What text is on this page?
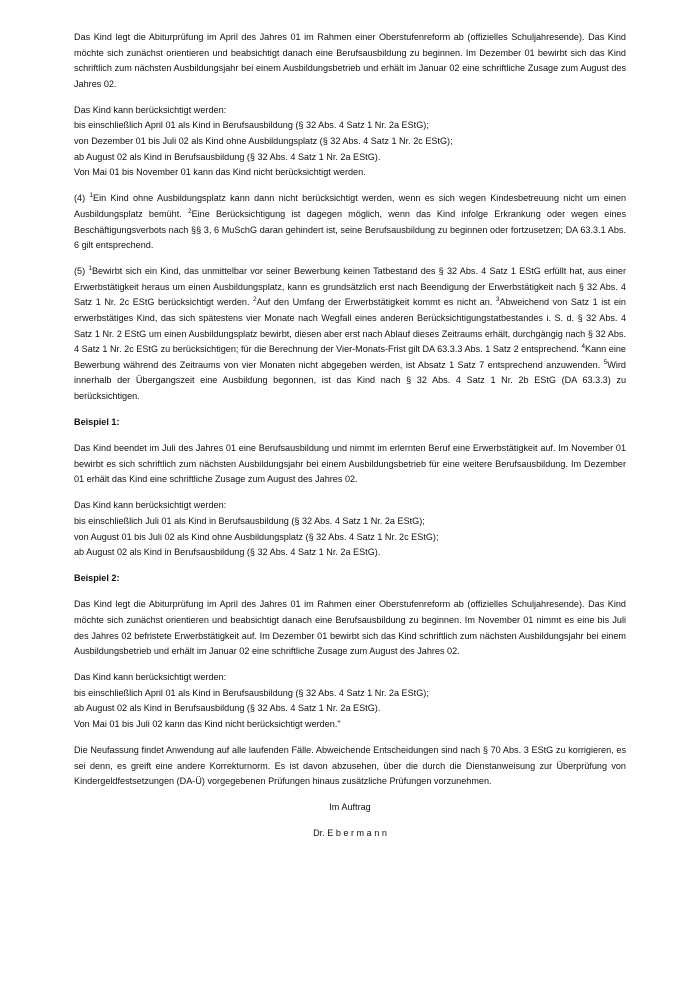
Das Kind legt die Abiturprüfung im April des Jahres 01 im Rahmen einer Oberstufenreform ab (offizielles Schuljahresende). Das Kind möchte sich zunächst orientieren und beabsichtigt danach eine Berufsausbildung zu beginnen. Im Dezember 01 bewirbt sich das Kind schriftlich zum nächsten Ausbildungsjahr bei einem Ausbildungsbetrieb und erhält im Januar 02 eine schriftliche Zusage zum August des Jahres 02.

Das Kind kann berücksichtigt werden:
bis einschließlich April 01 als Kind in Berufsausbildung (§ 32 Abs. 4 Satz 1 Nr. 2a EStG);
von Dezember 01 bis Juli 02 als Kind ohne Ausbildungsplatz (§ 32 Abs. 4 Satz 1 Nr. 2c EStG);
ab August 02 als Kind in Berufsausbildung (§ 32 Abs. 4 Satz 1 Nr. 2a EStG).
Von Mai 01 bis November 01 kann das Kind nicht berücksichtigt werden.

(4) $^1$Ein Kind ohne Ausbildungsplatz kann dann nicht berücksichtigt werden, wenn es sich wegen Kindesbetreuung nicht um einen Ausbildungsplatz bemüht. $^2$Eine Berücksichtigung ist dagegen möglich, wenn das Kind infolge Erkrankung oder wegen eines Beschäftigungsverbots nach §§ 3, 6 MuSchG daran gehindert ist, seine Berufsausbildung zu beginnen oder fortzusetzen; DA 63.3.1 Abs. 6 gilt entsprechend.

(5) $^1$Bewirbt sich ein Kind, das unmittelbar vor seiner Bewerbung keinen Tatbestand des § 32 Abs. 4 Satz 1 EStG erfüllt hat, aus einer Erwerbstätigkeit heraus um einen Ausbildungsplatz, kann es grundsätzlich erst nach Beendigung der Erwerbstätigkeit nach § 32 Abs. 4 Satz 1 Nr. 2c EStG berücksichtigt werden. $^2$Auf den Umfang der Erwerbstätigkeit kommt es nicht an. $^3$Abweichend von Satz 1 ist ein erwerbstätiges Kind, das sich spätestens vier Monate nach Wegfall eines anderen Berücksichtigungstatbestandes i. S. d. § 32 Abs. 4 Satz 1 Nr. 2 EStG um einen Ausbildungsplatz bewirbt, diesen aber erst nach Ablauf dieses Zeitraums erhält, durchgängig nach § 32 Abs. 4 Satz 1 Nr. 2c EStG zu berücksichtigen; für die Berechnung der Vier-Monats-Frist gilt DA 63.3.3 Abs. 1 Satz 2 entsprechend. $^4$Kann eine Bewerbung während des Zeitraums von vier Monaten nicht abgegeben werden, ist Absatz 1 Satz 7 entsprechend anzuwenden. $^5$Wird innerhalb der Übergangszeit eine Ausbildung begonnen, ist das Kind nach § 32 Abs. 4 Satz 1 Nr. 2b EStG (DA 63.3.3) zu berücksichtigen.

Beispiel 1:

Das Kind beendet im Juli des Jahres 01 eine Berufsausbildung und nimmt im erlernten Beruf eine Erwerbstätigkeit auf. Im November 01 bewirbt es sich schriftlich zum nächsten Ausbildungsjahr bei einem Ausbildungsbetrieb für eine weitere Berufsausbildung. Im Dezember 01 erhält das Kind eine schriftliche Zusage zum August des Jahres 02.

Das Kind kann berücksichtigt werden:
bis einschließlich Juli 01 als Kind in Berufsausbildung (§ 32 Abs. 4 Satz 1 Nr. 2a EStG);
von August 01 bis Juli 02 als Kind ohne Ausbildungsplatz (§ 32 Abs. 4 Satz 1 Nr. 2c EStG);
ab August 02 als Kind in Berufsausbildung (§ 32 Abs. 4 Satz 1 Nr. 2a EStG).
Beispiel 2:

Das Kind legt die Abiturprüfung im April des Jahres 01 im Rahmen einer Oberstufenreform ab (offizielles Schuljahresende). Das Kind möchte sich zunächst orientieren und beabsichtigt danach eine Berufsausbildung zu beginnen. Im November 01 nimmt es eine bis Juli des Jahres 02 befristete Erwerbstätigkeit auf. Im Dezember 01 bewirbt sich das Kind schriftlich zum nächsten Ausbildungsjahr bei einem Ausbildungsbetrieb und erhält im Januar 02 eine schriftliche Zusage zum August des Jahres 02.

Das Kind kann berücksichtigt werden:
bis einschließlich April 01 als Kind in Berufsausbildung (§ 32 Abs. 4 Satz 1 Nr. 2a EStG);
ab August 02 als Kind in Berufsausbildung (§ 32 Abs. 4 Satz 1 Nr. 2a EStG).
Von Mai 01 bis Juli 02 kann das Kind nicht berücksichtigt werden."

Die Neufassung findet Anwendung auf alle laufenden Fälle. Abweichende Entscheidungen sind nach § 70 Abs. 3 EStG zu korrigieren, es sei denn, es greift eine andere Korrekturnorm. Es ist davon abzusehen, über die durch die Dienstanweisung zur Überprüfung von Kindergeldfestsetzungen (DA-Ü) vorgegebenen Prüfungen hinaus zusätzliche Prüfungen vorzunehmen.

Im Auftrag
Dr. E b e r m a n n
